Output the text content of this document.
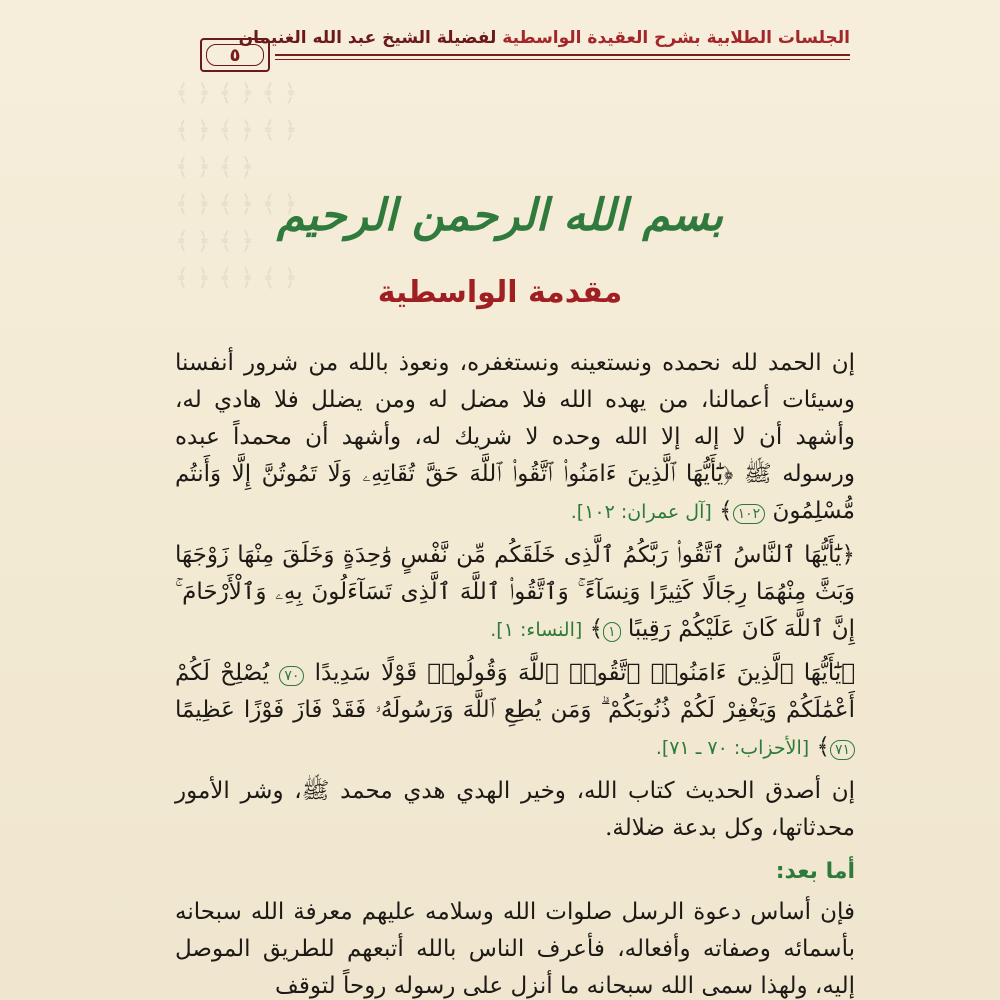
﴿ ﴾ ﴿ ﴾ ﴿ ﴾
﴿ ﴾ ﴿ ﴾ ﴿ ﴾
﴿ ﴾ ﴿ ﴾
﴿ ﴾ ﴿ ﴾ ﴿ ﴾
﴿ ﴾ ﴿ ﴾
﴿ ﴾ ﴿ ﴾ ﴿ ﴾
الجلسات الطلابية بشرح العقيدة الواسطية لفضيلة الشيخ عبد الله الغنيمان
٥
بسم الله الرحمن الرحيم
مقدمة الواسطية

إن الحمد لله نحمده ونستعينه ونستغفره، ونعوذ بالله من شرور أنفسنا وسيئات أعمالنا، من يهده الله فلا مضل له ومن يضلل فلا هادي له، وأشهد أن لا إله إلا الله وحده لا شريك له، وأشهد أن محمداً عبده ورسوله ﷺ ﴿يَٰٓأَيُّهَا ٱلَّذِينَ ءَامَنُوا۟ ٱتَّقُوا۟ ٱللَّهَ حَقَّ تُقَاتِهِۦ وَلَا تَمُوتُنَّ إِلَّا وَأَنتُم مُّسْلِمُونَ ١٠٢﴾ [آل عمران: ١٠٢].

﴿يَٰٓأَيُّهَا ٱلنَّاسُ ٱتَّقُوا۟ رَبَّكُمُ ٱلَّذِى خَلَقَكُم مِّن نَّفْسٍ وَٰحِدَةٍ وَخَلَقَ مِنْهَا زَوْجَهَا وَبَثَّ مِنْهُمَا رِجَالًا كَثِيرًا وَنِسَآءً ۚ وَٱتَّقُوا۟ ٱللَّهَ ٱلَّذِى تَسَآءَلُونَ بِهِۦ وَٱلْأَرْحَامَ ۚ إِنَّ ٱللَّهَ كَانَ عَلَيْكُمْ رَقِيبًا ١﴾ [النساء: ١].

﴿يَٰٓأَيُّهَا ٱلَّذِينَ ءَامَنُوا۟ ٱتَّقُوا۟ ٱللَّهَ وَقُولُوا۟ قَوْلًا سَدِيدًا ٧٠ يُصْلِحْ لَكُمْ أَعْمَٰلَكُمْ وَيَغْفِرْ لَكُمْ ذُنُوبَكُمْ ۗ وَمَن يُطِعِ ٱللَّهَ وَرَسُولَهُۥ فَقَدْ فَازَ فَوْزًا عَظِيمًا ٧١﴾ [الأحزاب: ٧٠ ـ ٧١].

إن أصدق الحديث كتاب الله، وخير الهدي هدي محمد ﷺ، وشر الأمور محدثاتها، وكل بدعة ضلالة.

أما بعد:

فإن أساس دعوة الرسل صلوات الله وسلامه عليهم معرفة الله سبحانه بأسمائه وصفاته وأفعاله، فأعرف الناس بالله أتبعهم للطريق الموصل إليه، ولهذا سمى الله سبحانه ما أنزل على رسوله روحاً لتوقف
